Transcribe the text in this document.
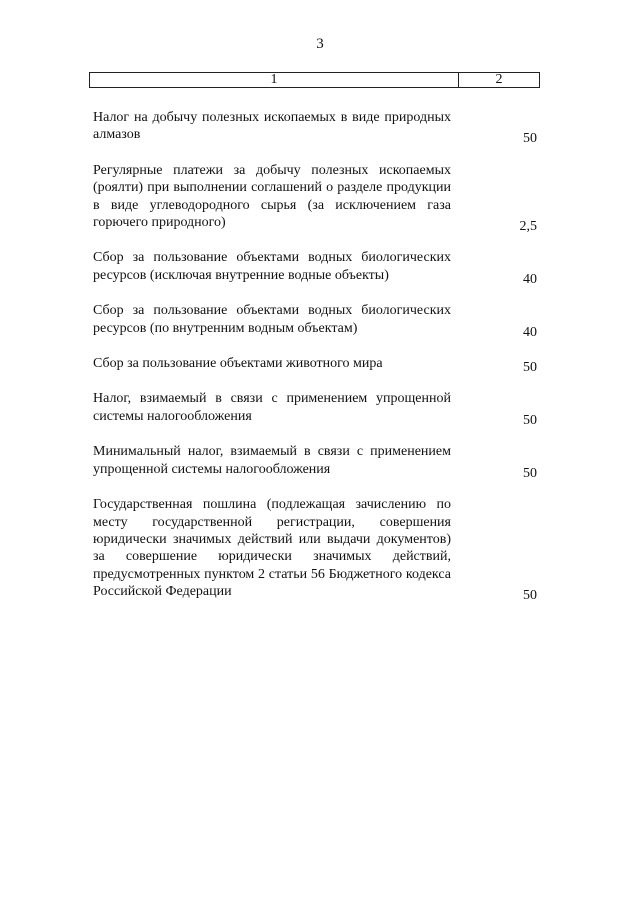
3
1	2
Налог на добычу полезных ископаемых в виде природных алмазов	50
Регулярные платежи за добычу полезных ископаемых (роялти) при выполнении соглашений о разделе продукции в виде углеводородного сырья (за исключением газа горючего природного)	2,5
Сбор за пользование объектами водных биологических ресурсов (исключая внутренние водные объекты)	40
Сбор за пользование объектами водных биологических ресурсов (по внутренним водным объектам)	40
Сбор за пользование объектами животного мира	50
Налог, взимаемый в связи с применением упрощенной системы налогообложения	50
Минимальный налог, взимаемый в связи с применением упрощенной системы налогообложения	50
Государственная пошлина (подлежащая зачислению по месту государственной регистрации, совершения юридически значимых действий или выдачи документов) за совершение юридически значимых действий, предусмотренных пунктом 2 статьи 56 Бюджетного кодекса Российской Федерации	50
